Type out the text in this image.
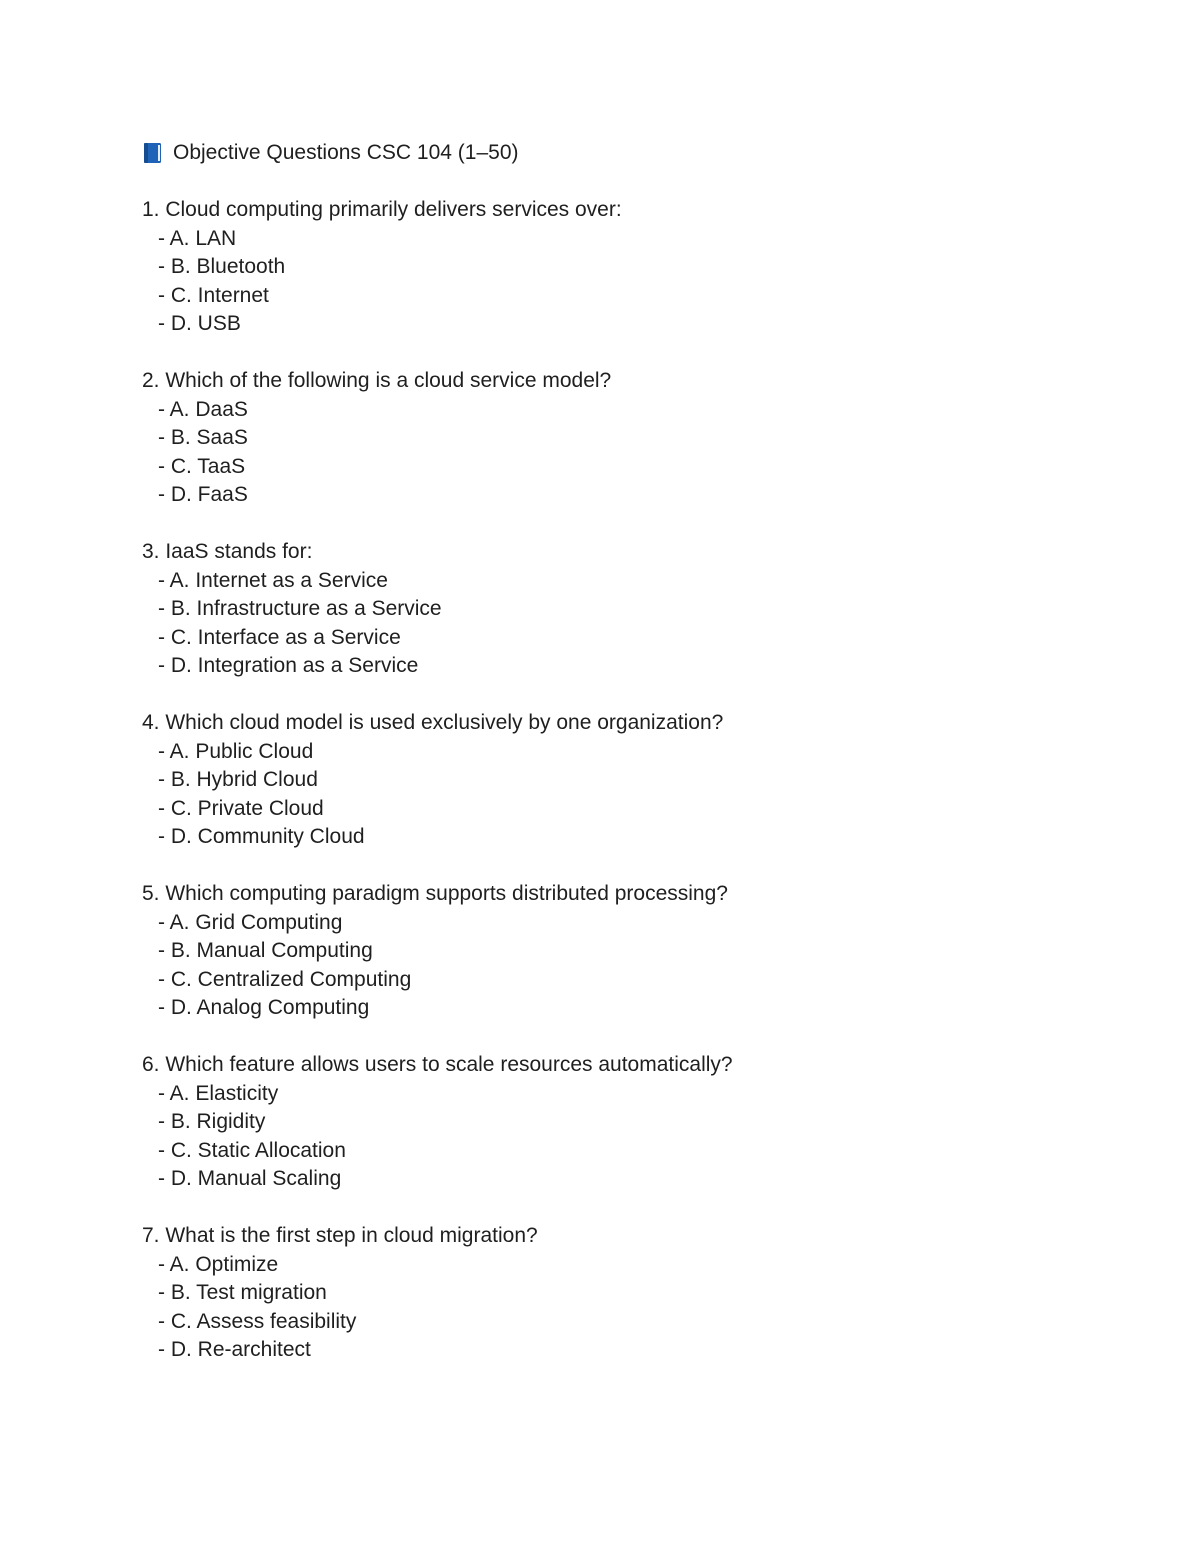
Objective Questions CSC 104 (1–50)
1. Cloud computing primarily delivers services over:
- A. LAN
- B. Bluetooth
- C. Internet
- D. USB
2. Which of the following is a cloud service model?
- A. DaaS
- B. SaaS
- C. TaaS
- D. FaaS
3. IaaS stands for:
- A. Internet as a Service
- B. Infrastructure as a Service
- C. Interface as a Service
- D. Integration as a Service
4. Which cloud model is used exclusively by one organization?
- A. Public Cloud
- B. Hybrid Cloud
- C. Private Cloud
- D. Community Cloud
5. Which computing paradigm supports distributed processing?
- A. Grid Computing
- B. Manual Computing
- C. Centralized Computing
- D. Analog Computing
6. Which feature allows users to scale resources automatically?
- A. Elasticity
- B. Rigidity
- C. Static Allocation
- D. Manual Scaling
7. What is the first step in cloud migration?
- A. Optimize
- B. Test migration
- C. Assess feasibility
- D. Re-architect
